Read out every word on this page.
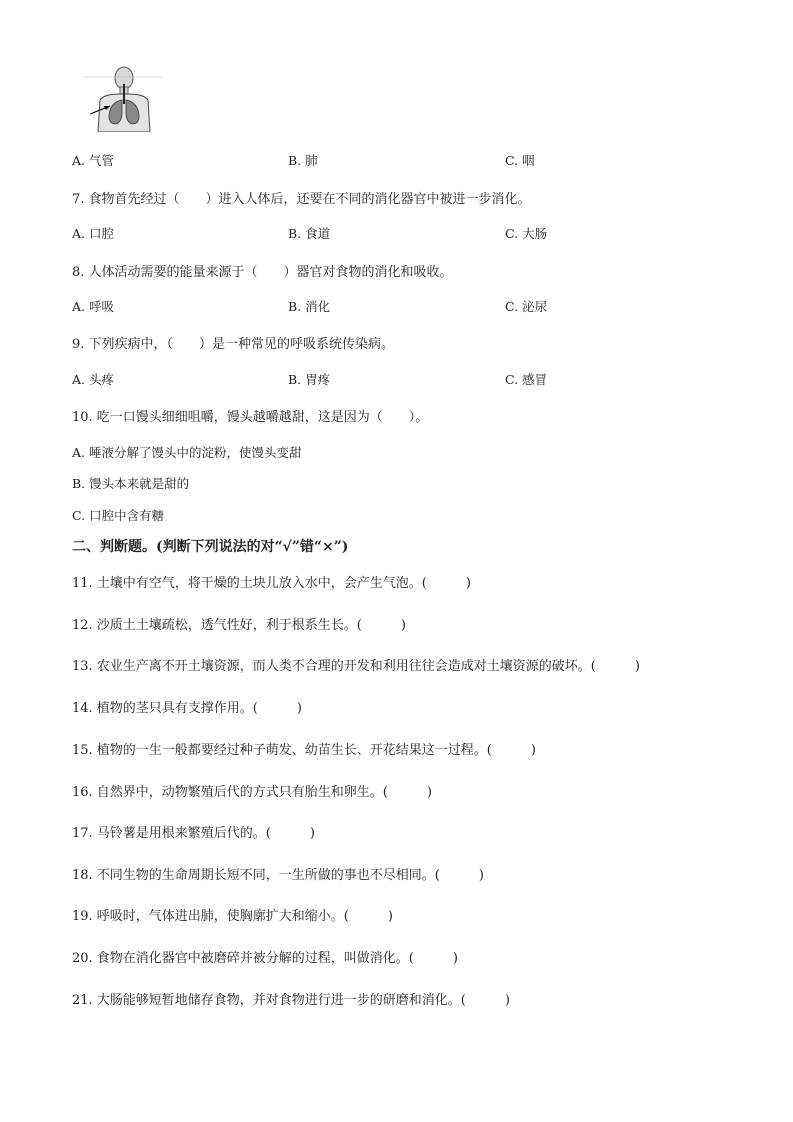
A. 气管	B. 肺	C. 咽
7. 食物首先经过（　　）进入人体后，还要在不同的消化器官中被进一步消化。
A. 口腔	B. 食道	C. 大肠
8. 人体活动需要的能量来源于（　　）器官对食物的消化和吸收。
A. 呼吸	B. 消化	C. 泌尿
9. 下列疾病中，（　　）是一种常见的呼吸系统传染病。
A. 头疼	B. 胃疼	C. 感冒
10. 吃一口馒头细细咀嚼，馒头越嚼越甜，这是因为（　　）。
A. 唾液分解了馒头中的淀粉，使馒头变甜
B. 馒头本来就是甜的
C. 口腔中含有糖
二、判断题。(判断下列说法的对“√”错“×”)
11. 土壤中有空气，将干燥的土块儿放入水中，会产生气泡。(　　　)
12. 沙质土土壤疏松，透气性好，利于根系生长。(　　　)
13. 农业生产离不开土壤资源，而人类不合理的开发和利用往往会造成对土壤资源的破坏。(　　　)
14. 植物的茎只具有支撑作用。(　　　)
15. 植物的一生一般都要经过种子萌发、幼苗生长、开花结果这一过程。(　　　)
16. 自然界中，动物繁殖后代的方式只有胎生和卵生。(　　　)
17. 马铃薯是用根来繁殖后代的。(　　　)
18. 不同生物的生命周期长短不同，一生所做的事也不尽相同。(　　　)
19. 呼吸时，气体进出肺，使胸廓扩大和缩小。(　　　)
20. 食物在消化器官中被磨碎并被分解的过程，叫做消化。(　　　)
21. 大肠能够短暂地储存食物，并对食物进行进一步的研磨和消化。(　　　)
